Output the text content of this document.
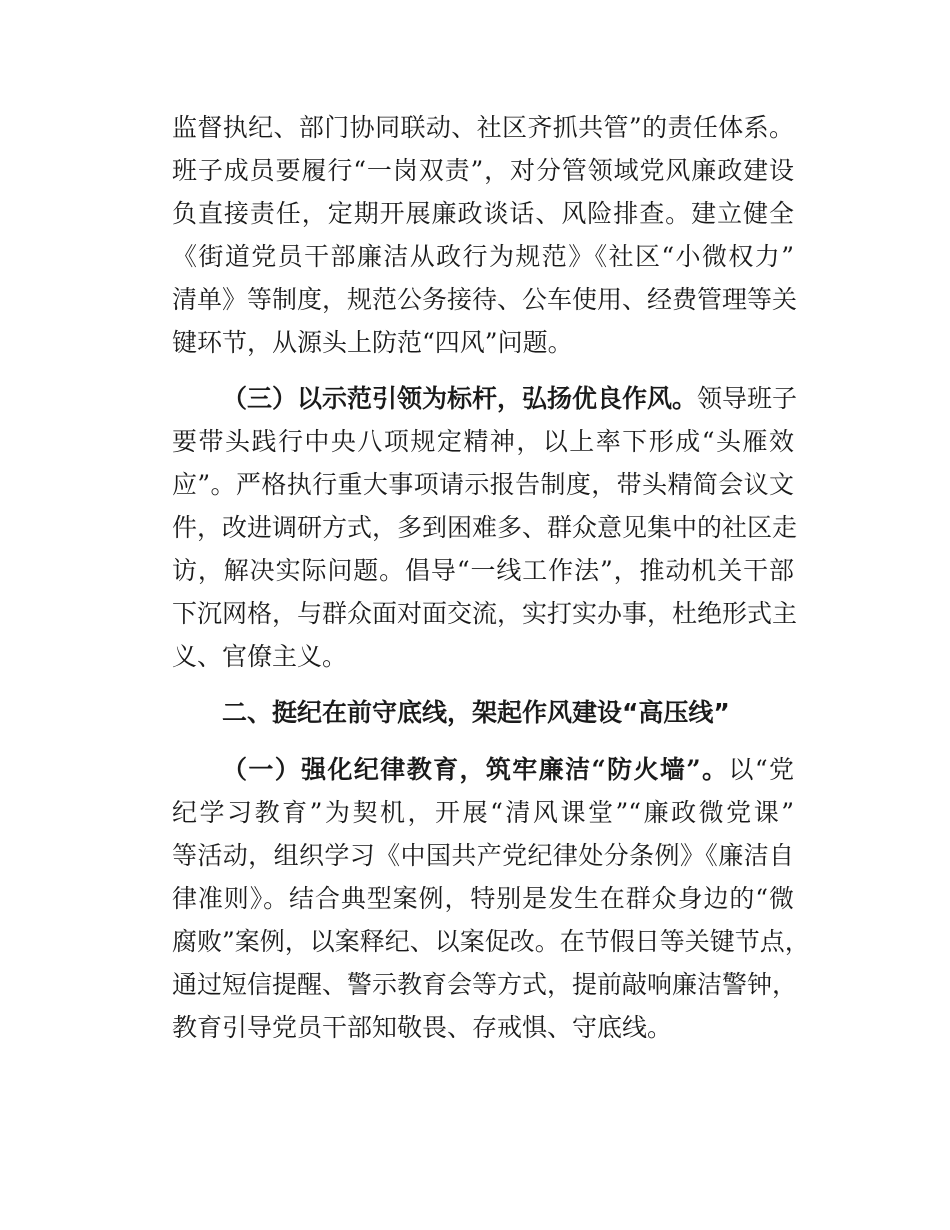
监督执纪、部门协同联动、社区齐抓共管”的责任体系。
班子成员要履行“一岗双责”，对分管领域党风廉政建设
负直接责任，定期开展廉政谈话、风险排查。建立健全
《街道党员干部廉洁从政行为规范》《社区“小微权力”
清单》等制度，规范公务接待、公车使用、经费管理等关
键环节，从源头上防范“四风”问题。
（三）以示范引领为标杆，弘扬优良作风。领导班子
要带头践行中央八项规定精神，以上率下形成“头雁效
应”。严格执行重大事项请示报告制度，带头精简会议文
件，改进调研方式，多到困难多、群众意见集中的社区走
访，解决实际问题。倡导“一线工作法”，推动机关干部
下沉网格，与群众面对面交流，实打实办事，杜绝形式主
义、官僚主义。
二、挺纪在前守底线，架起作风建设“高压线”
（一）强化纪律教育，筑牢廉洁“防火墙”。以“党
纪学习教育”为契机，开展“清风课堂”“廉政微党课”
等活动，组织学习《中国共产党纪律处分条例》《廉洁自
律准则》。结合典型案例，特别是发生在群众身边的“微
腐败”案例，以案释纪、以案促改。在节假日等关键节点，
通过短信提醒、警示教育会等方式，提前敲响廉洁警钟，
教育引导党员干部知敬畏、存戒惧、守底线。
